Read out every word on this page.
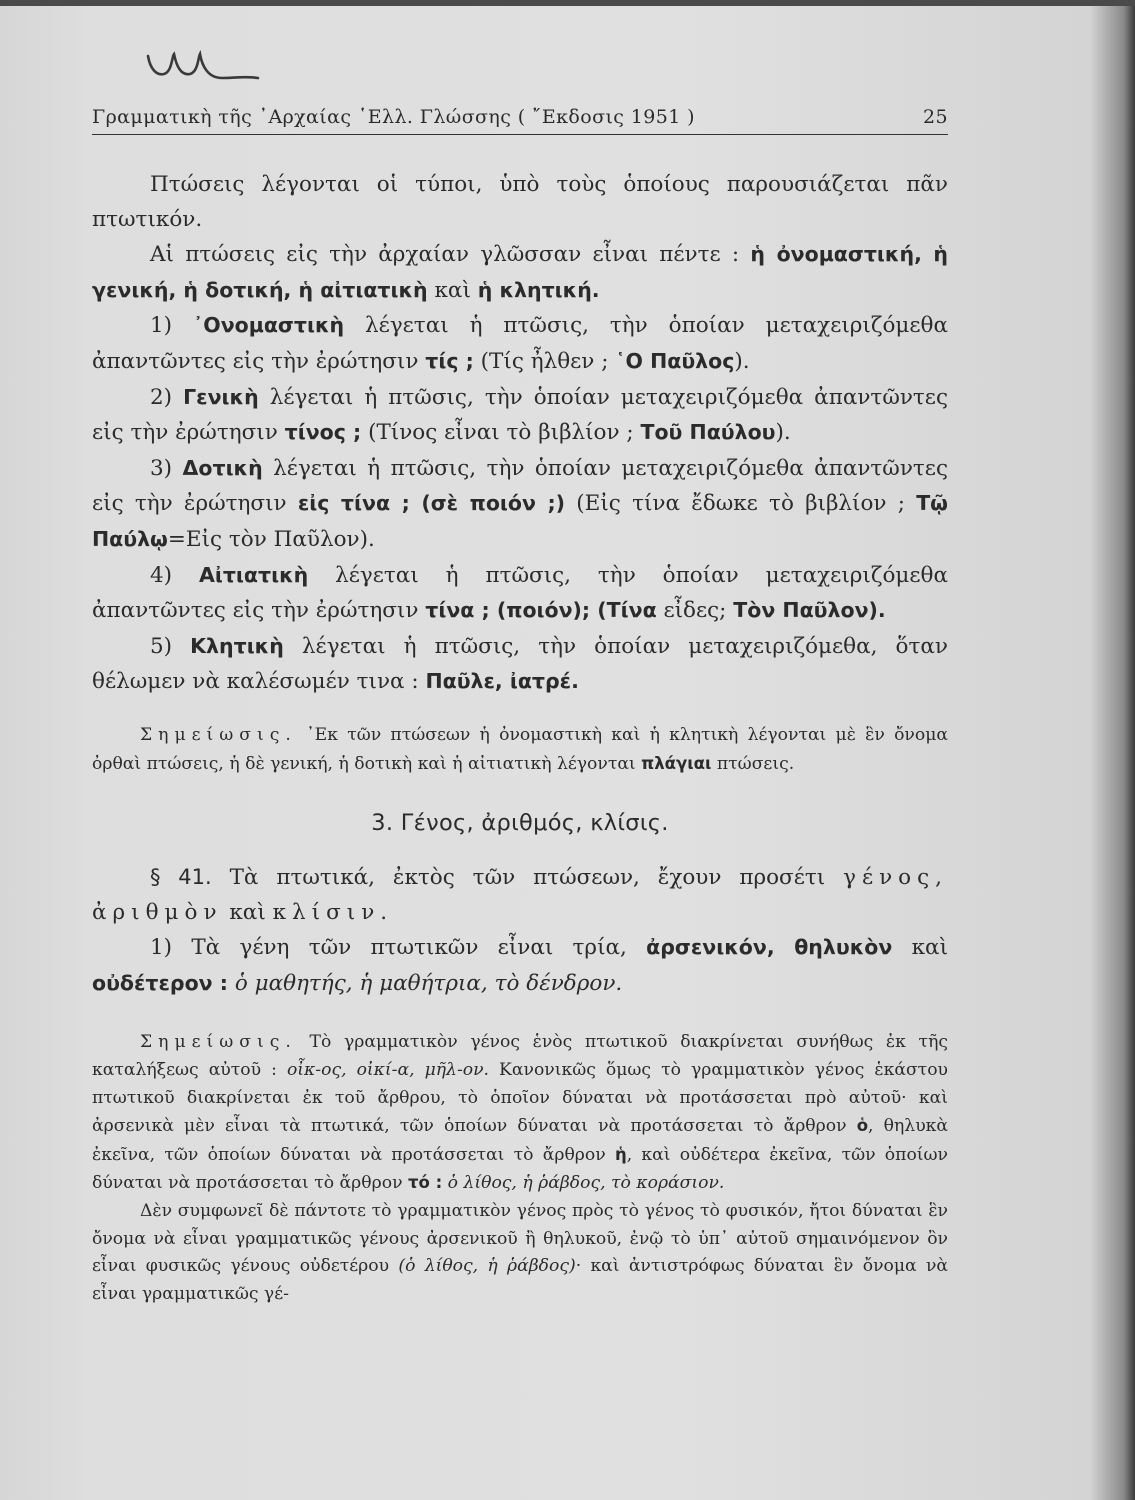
Γραμματικὴ τῆς ᾽Αρχαίας ῾Ελλ. Γλώσσης ( ῎Εκδοσις 1951 )	25

Πτώσεις λέγονται οἱ τύποι, ὑπὸ τοὺς ὁποίους παρουσιάζεται πᾶν πτωτικόν.

Αἱ πτώσεις εἰς τὴν ἀρχαίαν γλῶσσαν εἶναι πέντε : ἡ ὀνομαστική, ἡ γενική, ἡ δοτική, ἡ αἰτιατικὴ καὶ ἡ κλητική.

1) ᾽Ονομαστικὴ λέγεται ἡ πτῶσις, τὴν ὁποίαν μεταχειριζόμεθα ἀπαντῶντες εἰς τὴν ἐρώτησιν τίς ; (Τίς ἦλθεν ; ῾Ο Παῦλος).

2) Γενικὴ λέγεται ἡ πτῶσις, τὴν ὁποίαν μεταχειριζόμεθα ἀπαντῶντες εἰς τὴν ἐρώτησιν τίνος ; (Τίνος εἶναι τὸ βιβλίον ; Τοῦ Παύλου).

3) Δοτικὴ λέγεται ἡ πτῶσις, τὴν ὁποίαν μεταχειριζόμεθα ἀπαντῶντες εἰς τὴν ἐρώτησιν εἰς τίνα ; (σὲ ποιόν ;) (Εἰς τίνα ἔδωκε τὸ βιβλίον ; Τῷ Παύλῳ=Εἰς τὸν Παῦλον).

4) Αἰτιατικὴ λέγεται ἡ πτῶσις, τὴν ὁποίαν μεταχειριζόμεθα ἀπαντῶντες εἰς τὴν ἐρώτησιν τίνα ; (ποιόν); (Τίνα εἶδες; Τὸν Παῦλον).

5) Κλητικὴ λέγεται ἡ πτῶσις, τὴν ὁποίαν μεταχειριζόμεθα, ὅταν θέλωμεν νὰ καλέσωμέν τινα : Παῦλε, ἰατρέ.

Σημείωσις. ᾽Εκ τῶν πτώσεων ἡ ὀνομαστικὴ καὶ ἡ κλητικὴ λέγονται μὲ ἓν ὄνομα ὀρθαὶ πτώσεις, ἡ δὲ γενική, ἡ δοτικὴ καὶ ἡ αἰτιατικὴ λέγονται πλάγιαι πτώσεις.

3. Γένος, ἀριθμός, κλίσις.

§ 41. Τὰ πτωτικά, ἐκτὸς τῶν πτώσεων, ἔχουν προσέτι γένος, ἀριθμὸν καὶ κλίσιν.

1) Τὰ γένη τῶν πτωτικῶν εἶναι τρία, ἀρσενικόν, θηλυκὸν καὶ οὐδέτερον : ὁ μαθητής, ἡ μαθήτρια, τὸ δένδρον.

Σημείωσις. Τὸ γραμματικὸν γένος ἑνὸς πτωτικοῦ διακρίνεται συνήθως ἐκ τῆς καταλήξεως αὐτοῦ : οἶκ-ος, οἰκί-α, μῆλ-ον. Κανονικῶς ὅμως τὸ γραμματικὸν γένος ἑκάστου πτωτικοῦ διακρίνεται ἐκ τοῦ ἄρθρου, τὸ ὁποῖον δύναται νὰ προτάσσεται πρὸ αὐτοῦ· καὶ ἀρσενικὰ μὲν εἶναι τὰ πτωτικά, τῶν ὁποίων δύναται νὰ προτάσσεται τὸ ἄρθρον ὁ, θηλυκὰ ἐκεῖνα, τῶν ὁποίων δύναται νὰ προτάσσεται τὸ ἄρθρον ἡ, καὶ οὐδέτερα ἐκεῖνα, τῶν ὁποίων δύναται νὰ προτάσσεται τὸ ἄρθρον τό : ὁ λίθος, ἡ ῥάβδος, τὸ κοράσιον.

Δὲν συμφωνεῖ δὲ πάντοτε τὸ γραμματικὸν γένος πρὸς τὸ γένος τὸ φυσικόν, ἤτοι δύναται ἓν ὄνομα νὰ εἶναι γραμματικῶς γένους ἀρσενικοῦ ἢ θηλυκοῦ, ἐνῷ τὸ ὑπ᾽ αὐτοῦ σημαινόμενον ὂν εἶναι φυσικῶς γένους οὐδετέρου (ὁ λίθος, ἡ ῥάβδος)· καὶ ἀντιστρόφως δύναται ἓν ὄνομα νὰ εἶναι γραμματικῶς γέ-
